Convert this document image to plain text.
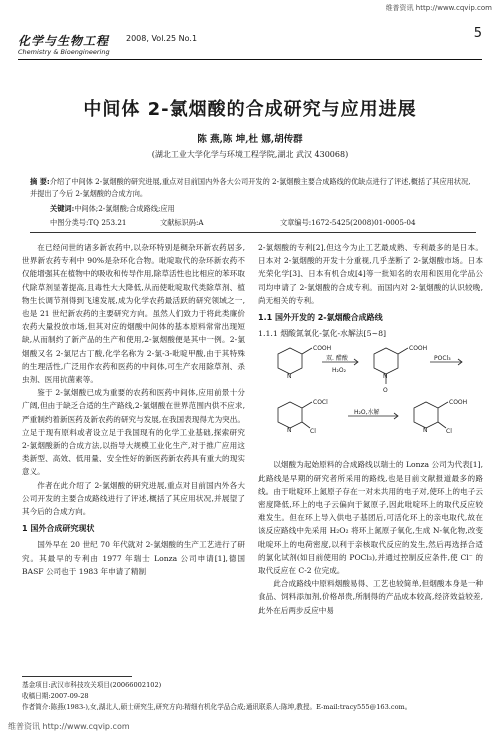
维普资讯 http://www.cqvip.com
化学与生物工程	2008, Vol.25 No.1
Chemistry & Bioengineering
5
中间体 2-氯烟酸的合成研究与应用进展
陈 燕,陈 坤,杜 娜,胡传群
(湖北工业大学化学与环境工程学院,湖北 武汉 430068)
摘 要:介绍了中间体 2-氯烟酸的研究进展,重点对目前国内外各大公司开发的 2-氯烟酸主要合成路线的优缺点进行了评述,概括了其应用状况,并提出了今后 2-氯烟酸的合成方向。
关键词:中间体;2-氯烟酸;合成路线;应用
中图分类号:TQ 253.21	文献标识码:A	文章编号:1672-5425(2008)01-0005-04

在已经问世的诸多新农药中,以杂环特别是稠杂环新农药居多,世界新农药专利中 90%是杂环化合物。吡啶取代的杂环新农药不仅能增强其在植物中的吸收和传导作用,除草活性也比相应的苯环取代除草剂显著提高,且毒性大大降低,从而使吡啶取代类除草剂、植物生长调节剂得到飞速发展,成为化学农药最活跃的研究领域之一,也是 21 世纪新农药的主要研究方向。虽然人们致力于将此类廉价农药大量投放市场,但其对应的烟酸中间体的基本原料常常出现短缺,从而制约了新产品的生产和使用,2-氯烟酸便是其中一例。2-氯烟酸又名 2-氯尼古丁酸,化学名称为 2-氯-3-吡啶甲酸,由于其特殊的生理活性,广泛用作农药和医药的中间体,可生产农用除草剂、杀虫剂、医用抗菌素等。

鉴于 2-氯烟酸已成为重要的农药和医药中间体,应用前景十分广阔,但由于缺乏合适的生产路线,2-氯烟酸在世界范围内供不应求,严重制约着新医药及新农药的研究与发展,在我国表现得尤为突出。立足于现有原料或者设立足于我国现有的化学工业基础,探索研究 2-氯烟酸新的合成方法,以指导大规模工业化生产,对于推广应用这类新型、高效、低用量、安全性好的新医药新农药具有重大的现实意义。

作者在此介绍了 2-氯烟酸的研究进展,重点对目前国内外各大公司开发的主要合成路线进行了评述,概括了其应用状况,并展望了其今后的合成方向。

1 国外合成研究现状

国外早在 20 世纪 70 年代就对 2-氯烟酸的生产工艺进行了研究。其最早的专利由 1977 年瑞士 Lonza 公司申请[1],德国 BASF 公司也于 1983 年申请了精制

2-氯烟酸的专利[2],但这今为止工艺最成熟、专利最多的是日本。日本对 2-氯烟酸的开发十分重视,几乎垄断了 2-氯烟酸市场。日本光荣化学[3]、日本有机合成[4]等一批知名的农用和医用化学品公司均申请了 2-氯烟酸的合成专利。而国内对 2-氯烟酸的认识较晚,尚无相关的专利。

1.1 国外开发的 2-氯烟酸合成路线
1.1.1 烟酸氮氧化-氯化-水解法[5~8]
COOH
N
双. 醋酸
H₂O₂
COOH
N
O
POCl₃
COCl
Cl
N
H₂O,水解
COOH
Cl
N

以烟酸为起始原料的合成路线以瑞士的 Lonza 公司为代表[1],此路线是早期的研究者所采用的路线,也是目前文献报道最多的路线。由于吡啶环上氮原子存在一对未共用的电子对,使环上的电子云密度降低,环上的电子云偏向于氮原子,因此吡啶环上的取代反应较难发生。但在环上导入供电子基团后,可活化环上的亲电取代,故在该反应路线中先采用 H₂O₂ 将环上氮原子氧化,生成 N-氧化物,改变吡啶环上的电荷密度,以利于亲核取代反应的发生,然后再选择合适的氯化试剂(如目前使用的 POCl₃),并通过控制反应条件,使 Cl⁻ 的取代反应在 C-2 位完成。

此合成路线中原料烟酸易得、工艺也较简单,但烟酸本身是一种食品、饲料添加剂,价格昂贵,所制得的产品成本较高,经济效益较差,此外在后两步反应中易

基金项目:武汉市科技攻关项目(20066002102)
收稿日期:2007-09-28
作者简介:陈燕(1983-),女,湖北人,硕士研究生,研究方向:精细有机化学品合成;通讯联系人:陈坤,教授。E-mail:tracy555@163.com。
维普资讯 http://www.cqvip.com
